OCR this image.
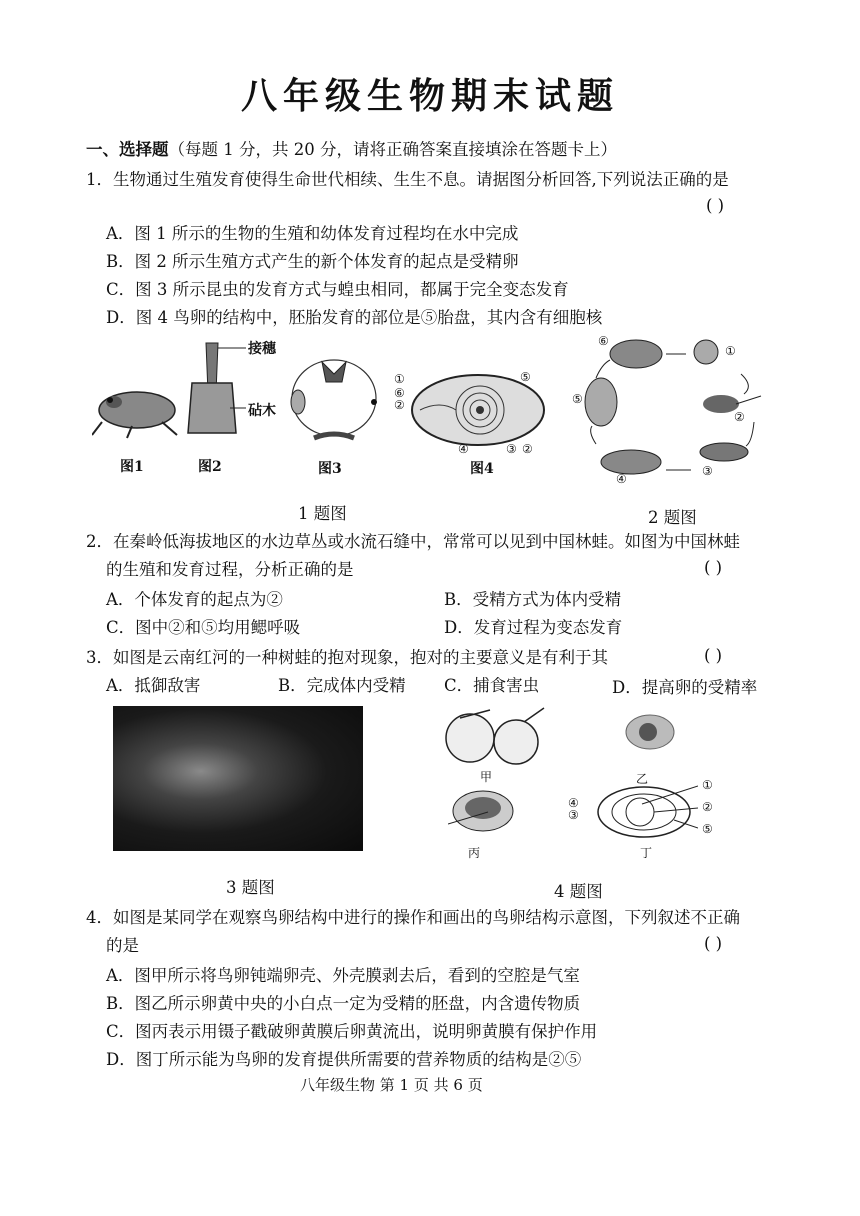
八年级生物期末试题
一、选择题（每题 1 分，共 20 分，请将正确答案直接填涂在答题卡上）
1．生物通过生殖发育使得生命世代相续、生生不息。请据图分析回答,下列说法正确的是
( )
A．图 1 所示的生物的生殖和幼体发育过程均在水中完成
B．图 2 所示生殖方式产生的新个体发育的起点是受精卵
C．图 3 所示昆虫的发育方式与蝗虫相同，都属于完全变态发育
D．图 4 鸟卵的结构中，胚胎发育的部位是⑤胎盘，其内含有细胞核
图1
接穗
砧木
图2	图3
①
⑥
②
⑤
④	③ ②
图4
⑥
①
②
③
④
⑤
1 题图	2 题图
2．在秦岭低海拔地区的水边草丛或水流石缝中，常常可以见到中国林蛙。如图为中国林蛙
的生殖和发育过程，分析正确的是	( )
A．个体发育的起点为②	B．受精方式为体内受精
C．图中②和⑤均用鳃呼吸	D．发育过程为变态发育
3．如图是云南红河的一种树蛙的抱对现象，抱对的主要意义是有利于其	( )
A．抵御敌害	B．完成体内受精 C．捕食害虫	D．提高卵的受精率
3 题图
甲	乙
丙
①
②
⑤
④
③
丁
4 题图
4．如图是某同学在观察鸟卵结构中进行的操作和画出的鸟卵结构示意图，下列叙述不正确
的是	( )
A．图甲所示将鸟卵钝端卵壳、外壳膜剥去后，看到的空腔是气室
B．图乙所示卵黄中央的小白点一定为受精的胚盘，内含遗传物质
C．图丙表示用镊子戳破卵黄膜后卵黄流出，说明卵黄膜有保护作用
D．图丁所示能为鸟卵的发育提供所需要的营养物质的结构是②⑤
八年级生物 第 1 页 共 6 页
